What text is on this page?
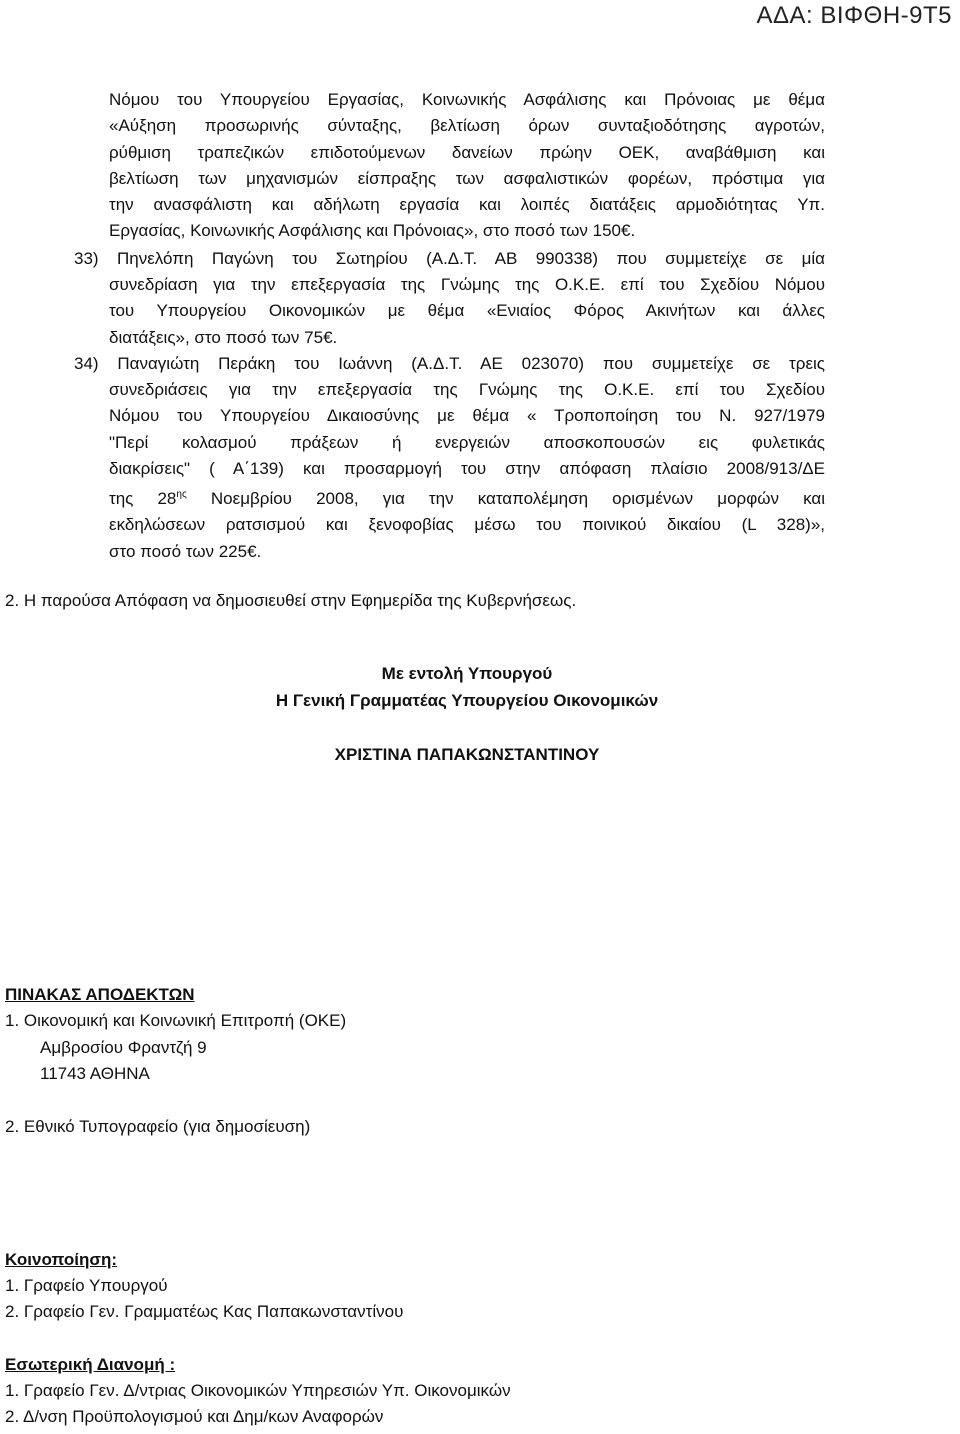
ΑΔΑ: ΒΙΦΘΗ-9Τ5
Νόμου του Υπουργείου Εργασίας, Κοινωνικής Ασφάλισης και Πρόνοιας με θέμα
«Αύξηση προσωρινής σύνταξης, βελτίωση όρων συνταξιοδότησης αγροτών,
ρύθμιση τραπεζικών επιδοτούμενων δανείων πρώην ΟΕΚ, αναβάθμιση και
βελτίωση των μηχανισμών είσπραξης των ασφαλιστικών φορέων, πρόστιμα για
την ανασφάλιστη και αδήλωτη εργασία και λοιπές διατάξεις αρμοδιότητας Υπ.
Εργασίας, Κοινωνικής Ασφάλισης και Πρόνοιας», στο ποσό των 150€.
33) Πηνελόπη Παγώνη του Σωτηρίου (Α.Δ.Τ. ΑΒ 990338) που συμμετείχε σε μία
συνεδρίαση για την επεξεργασία της Γνώμης της Ο.Κ.Ε. επί του Σχεδίου Νόμου
του Υπουργείου Οικονομικών με θέμα «Ενιαίος Φόρος Ακινήτων και άλλες
διατάξεις», στο ποσό των 75€.
34) Παναγιώτη Περάκη του Ιωάννη (Α.Δ.Τ. ΑΕ 023070) που συμμετείχε σε τρεις
συνεδριάσεις για την επεξεργασία της Γνώμης της Ο.Κ.Ε. επί του Σχεδίου
Νόμου του Υπουργείου Δικαιοσύνης με θέμα « Τροποποίηση του Ν. 927/1979
"Περί κολασμού πράξεων ή ενεργειών αποσκοπουσών εις φυλετικάς
διακρίσεις" ( Α΄139) και προσαρμογή του στην απόφαση πλαίσιο 2008/913/ΔΕ
της $28^{\eta\varsigma}$ Νοεμβρίου 2008, για την καταπολέμηση ορισμένων μορφών και
εκδηλώσεων ρατσισμού και ξενοφοβίας μέσω του ποινικού δικαίου (L 328)»,
στο ποσό των 225€.
2. Η παρούσα Απόφαση να δημοσιευθεί στην Εφημερίδα της Κυβερνήσεως.
Με εντολή Υπουργού
Η Γενική Γραμματέας Υπουργείου Οικονομικών
ΧΡΙΣΤΙΝΑ ΠΑΠΑΚΩΝΣΤΑΝΤΙΝΟΥ
ΠΙΝΑΚΑΣ ΑΠΟΔΕΚΤΩΝ
1. Οικονομική και Κοινωνική Επιτροπή (ΟΚΕ)
Αμβροσίου Φραντζή 9
11743 ΑΘΗΝΑ
2. Εθνικό Τυπογραφείο (για δημοσίευση)
Κοινοποίηση:
1. Γραφείο Υπουργού
2. Γραφείο Γεν. Γραμματέως Κας Παπακωνσταντίνου
Εσωτερική Διανομή :
1. Γραφείο Γεν. Δ/ντριας Οικονομικών Υπηρεσιών Υπ. Οικονομικών
2. Δ/νση Προϋπολογισμού και Δημ/κων Αναφορών
